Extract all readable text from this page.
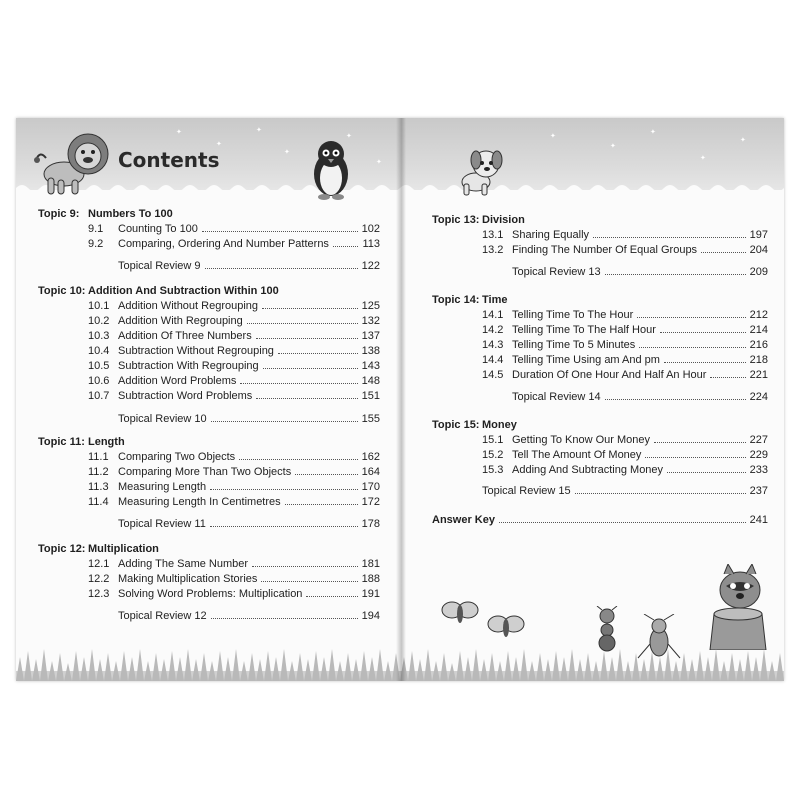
✦
✦
✦
✦
✦
✦
Contents
Topic 9: Numbers To 100
9.1	Counting To 100	102
9.2	Comparing, Ordering And Number Patterns	113
Topical Review 9	122
Topic 10: Addition And Subtraction Within 100
10.1 Addition Without Regrouping	125
10.2 Addition With Regrouping	132
10.3 Addition Of Three Numbers	137
10.4 Subtraction Without Regrouping	138
10.5 Subtraction With Regrouping	143
10.6 Addition Word Problems	148
10.7 Subtraction Word Problems	151
Topical Review 10	155
Topic 11: Length
11.1 Comparing Two Objects	162
11.2 Comparing More Than Two Objects	164
11.3 Measuring Length	170
11.4 Measuring Length In Centimetres	172
Topical Review 11	178
Topic 12: Multiplication
12.1 Adding The Same Number	181
12.2 Making Multiplication Stories	188
12.3 Solving Word Problems: Multiplication	191
Topical Review 12	194
✦
✦
✦
✦
✦
Topic 13: Division
13.1 Sharing Equally	197
13.2 Finding The Number Of Equal Groups	204
Topical Review 13	209
Topic 14: Time
14.1 Telling Time To The Hour	212
14.2 Telling Time To The Half Hour	214
14.3 Telling Time To 5 Minutes	216
14.4 Telling Time Using am And pm	218
14.5 Duration Of One Hour And Half An Hour	221
Topical Review 14	224
Topic 15: Money
15.1 Getting To Know Our Money	227
15.2 Tell The Amount Of Money	229
15.3 Adding And Subtracting Money	233
Topical Review 15	237
Answer Key	241
